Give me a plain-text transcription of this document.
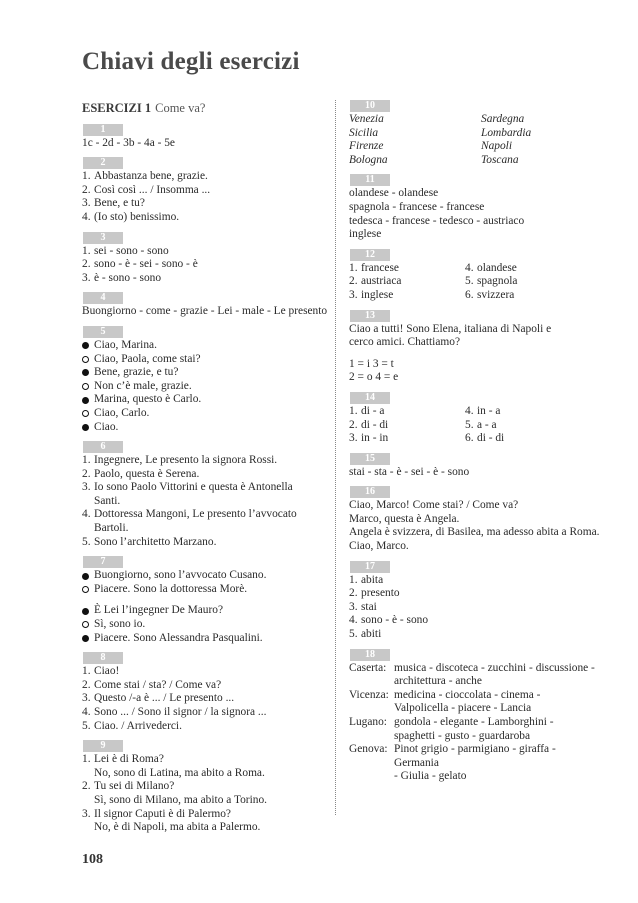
Chiavi degli esercizi
ESERCIZI 1 Come va?
1
1c - 2d - 3b - 4a - 5e
2
1. Abbastanza bene, grazie.
2. Così così ... / Insomma ...
3. Bene, e tu?
4. (Io sto) benissimo.
3
1. sei - sono - sono
2. sono - è - sei - sono - è
3. è - sono - sono
4
Buongiorno - come - grazie - Lei - male - Le presento
5
Ciao, Marina.
Ciao, Paola, come stai?
Bene, grazie, e tu?
Non c’è male, grazie.
Marina, questo è Carlo.
Ciao, Carlo.
Ciao.
6
1. Ingegnere, Le presento la signora Rossi.
2. Paolo, questa è Serena.
3. Io sono Paolo Vittorini e questa è Antonella Santi.
4. Dottoressa Mangoni, Le presento l’avvocato Bartoli.
5. Sono l’architetto Marzano.
7
Buongiorno, sono l’avvocato Cusano.
Piacere. Sono la dottoressa Morè.
È Lei l’ingegner De Mauro?
Sì, sono io.
Piacere. Sono Alessandra Pasqualini.
8
1. Ciao!
2. Come stai / sta? / Come va?
3. Questo /-a è ... / Le presento ...
4. Sono ... / Sono il signor / la signora ...
5. Ciao. / Arrivederci.
9
1. Lei è di Roma?
No, sono di Latina, ma abito a Roma.
2. Tu sei di Milano?
Sì, sono di Milano, ma abito a Torino.
3. Il signor Caputi è di Palermo?
No, è di Napoli, ma abita a Palermo.
10
Venezia	Sardegna
Sicilia	Lombardia
Firenze	Napoli
Bologna	Toscana
11
olandese - olandese
spagnola - francese - francese
tedesca - francese - tedesco - austriaco
inglese
12
1. francese	4. olandese
2. austriaca	5. spagnola
3. inglese	6. svizzera
13
Ciao a tutti! Sono Elena, italiana di Napoli e
cerco amici. Chattiamo?
1 = i 3 = t
2 = o 4 = e
14
1. di - a	4. in - a
2. di - di	5. a - a
3. in - in	6. di - di
15
stai - sta - è - sei - è - sono
16
Ciao, Marco! Come stai? / Come va?
Marco, questa è Angela.
Angela è svizzera, di Basilea, ma adesso abita a Roma.
Ciao, Marco.
17
1. abita
2. presento
3. stai
4. sono - è - sono
5. abiti
18
Caserta: musica - discoteca - zucchini - discussione -
architettura - anche
Vicenza: medicina - cioccolata - cinema -
Valpolicella - piacere - Lancia
Lugano: gondola - elegante - Lamborghini -
spaghetti - gusto - guardaroba
Genova: Pinot grigio - parmigiano - giraffa - Germania
- Giulia - gelato
108
